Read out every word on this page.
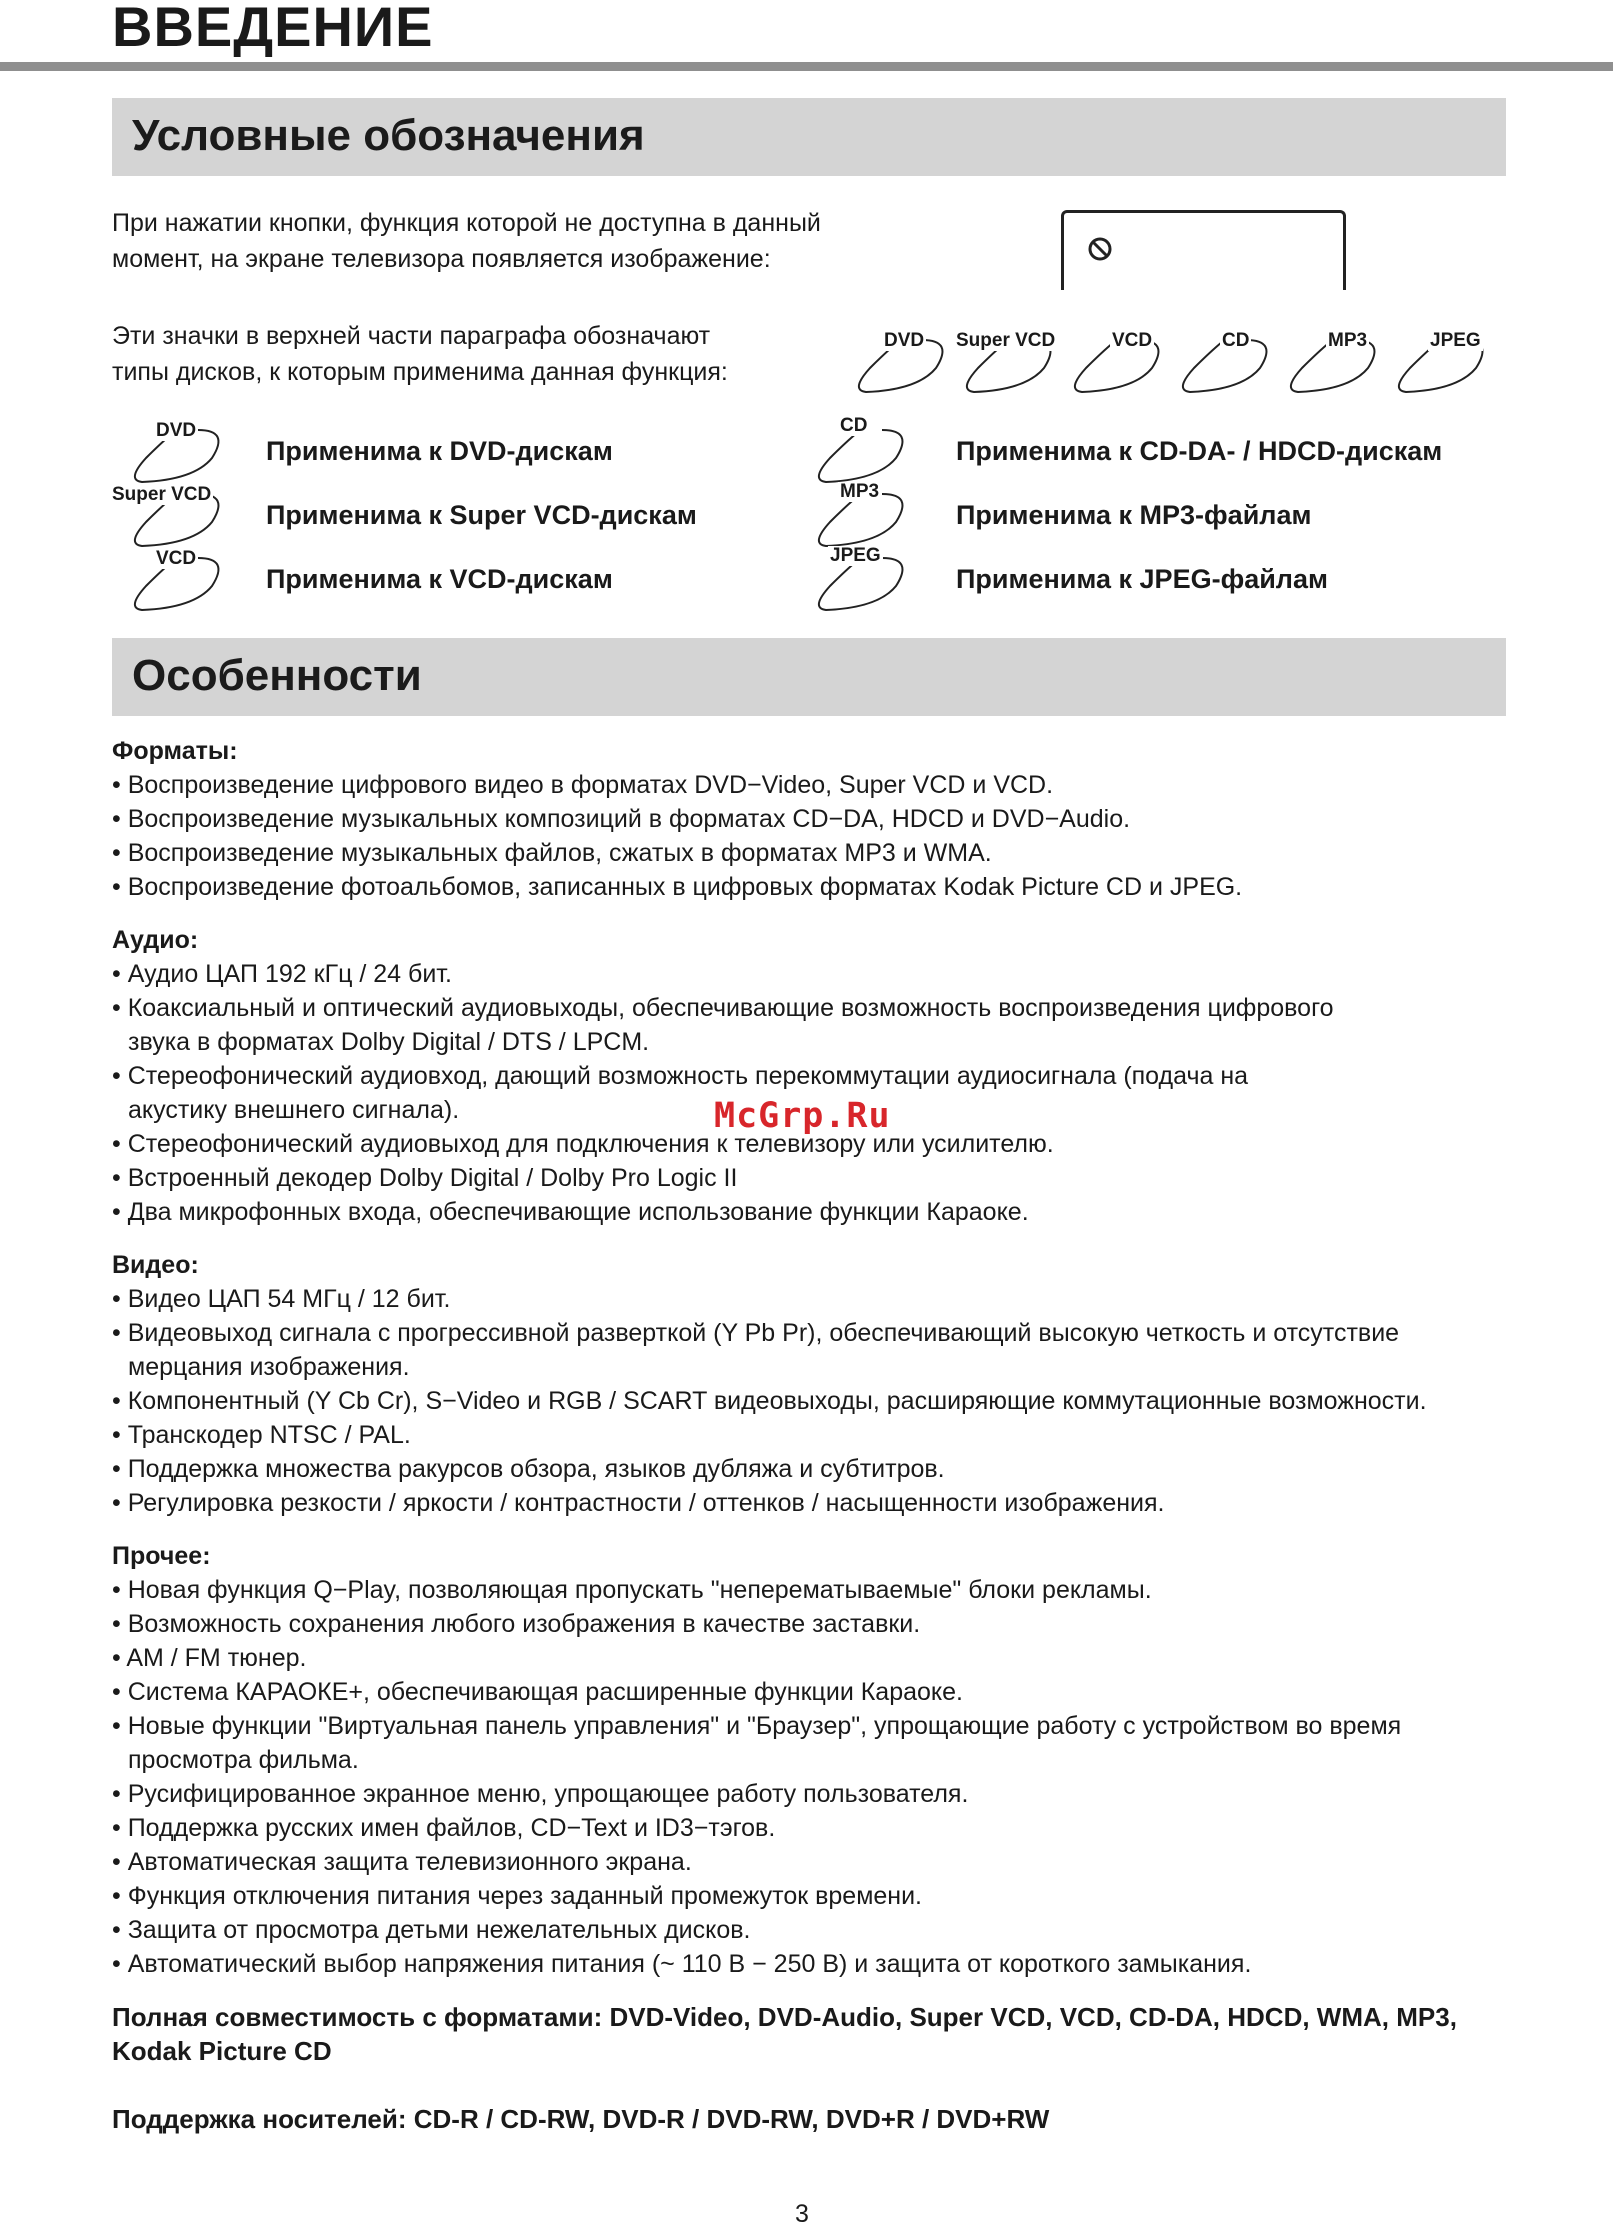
ВВЕДЕНИЕ
Условные обозначения
При нажатии кнопки, функция которой не доступна в данный
момент, на экране телевизора появляется изображение:
Эти значки в верхней части параграфа обозначают
типы дисков, к которым применима данная функция:
DVD Super VCD	VCD	CD	MP3	JPEG
DVD
Применима к DVD-дискам
Super VCD
Применима к Super VCD-дискам
VCD
Применима к VCD-дискам
CD
Применима к CD-DA- / HDCD-дискам
MP3
Применима к MP3-файлам
JPEG
Применима к JPEG-файлам
Особенности
Форматы:
• Воспроизведение цифрового видео в форматах DVD−Video, Super VCD и VCD.
• Воспроизведение музыкальных композиций в форматах CD−DA, HDCD и DVD−Audio.
• Воспроизведение музыкальных файлов, сжатых в форматах MP3 и WMA.
• Воспроизведение фотоальбомов, записанных в цифровых форматах Kodak Picture CD и JPEG.
Аудио:
• Аудио ЦАП 192 кГц / 24 бит.
• Коаксиальный и оптический аудиовыходы, обеспечивающие возможность воспроизведения цифрового звука в форматах Dolby Digital / DTS / LPCM.
• Стереофонический аудиовход, дающий возможность перекоммутации аудиосигнала (подача на акустику внешнего сигнала).
• Стереофонический аудиовыход для подключения к телевизору или усилителю.
• Встроенный декодер Dolby Digital / Dolby Pro Logic II
• Два микрофонных входа, обеспечивающие использование функции Караоке.
Видео:
• Видео ЦАП 54 МГц / 12 бит.
• Видеовыход сигнала с прогрессивной разверткой (Y Pb Pr), обеспечивающий высокую четкость и отсутствие мерцания изображения.
• Компонентный (Y Cb Cr), S−Video и RGB / SCART видеовыходы, расширяющие коммутационные возможности.
• Транскодер NTSC / PAL.
• Поддержка множества ракурсов обзора, языков дубляжа и субтитров.
• Регулировка резкости / яркости / контрастности / оттенков / насыщенности изображения.
Прочее:
• Новая функция Q−Play, позволяющая пропускать "неперематываемые" блоки рекламы.
• Возможность сохранения любого изображения в качестве заставки.
• AM / FM тюнер.
• Система КАРАОКЕ+, обеспечивающая расширенные функции Караоке.
• Новые функции "Виртуальная панель управления" и "Браузер", упрощающие работу с устройством во время просмотра фильма.
• Русифицированное экранное меню, упрощающее работу пользователя.
• Поддержка русских имен файлов, CD−Text и ID3−тэгов.
• Автоматическая защита телевизионного экрана.
• Функция отключения питания через заданный промежуток времени.
• Защита от просмотра детьми нежелательных дисков.
• Автоматический выбор напряжения питания (~ 110 В − 250 В) и защита от короткого замыкания.
Полная совместимость с форматами: DVD-Video, DVD-Audio, Super VCD, VCD, CD-DA, HDCD, WMA, MP3, Kodak Picture CD
Поддержка носителей: CD-R / CD-RW, DVD-R / DVD-RW, DVD+R / DVD+RW
McGrp.Ru
3
